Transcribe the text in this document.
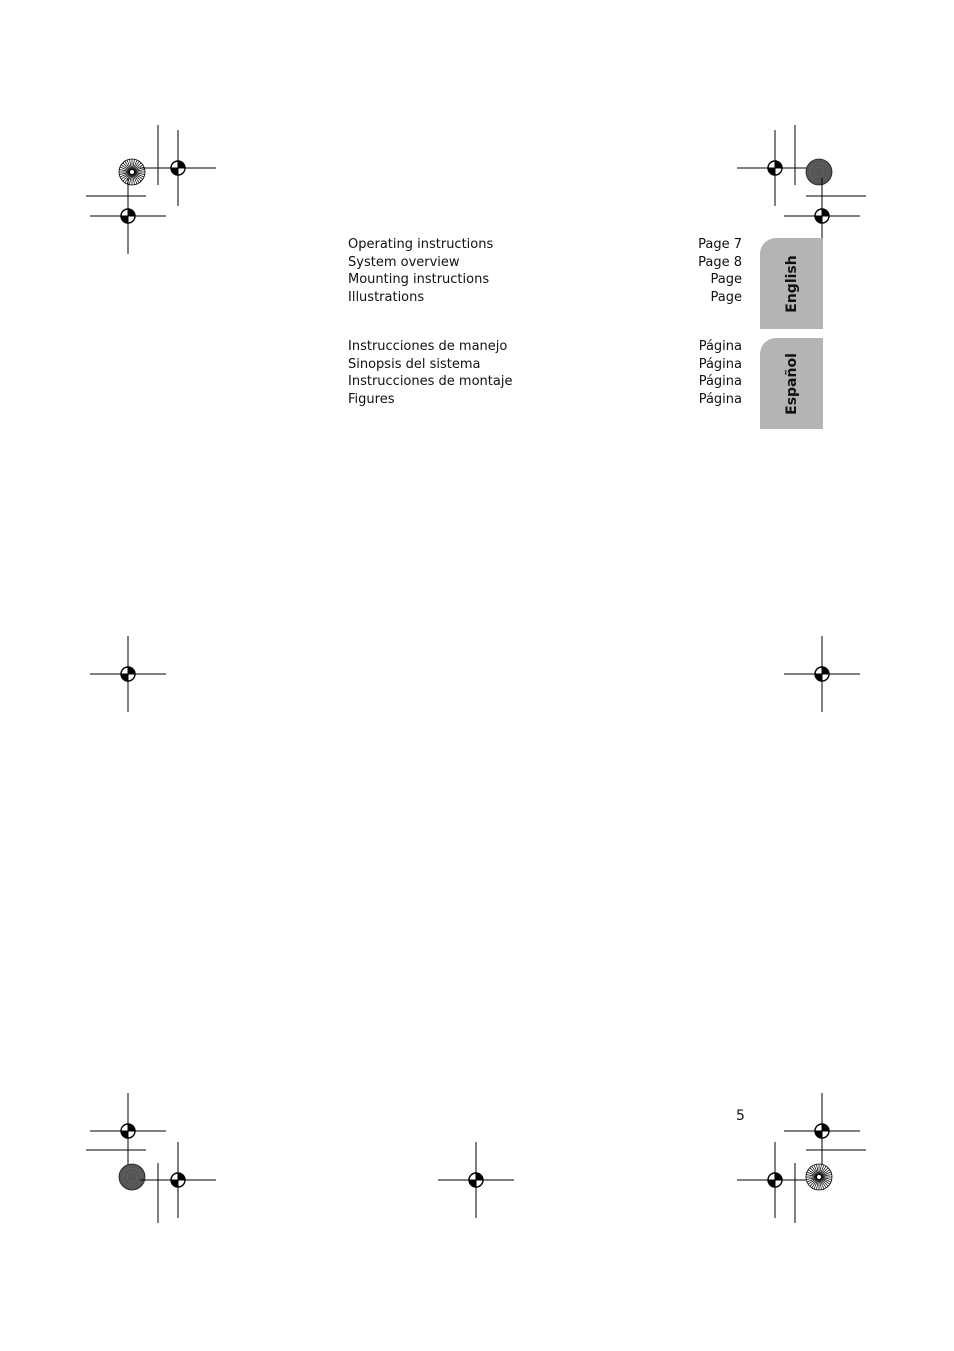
Operating instructions	Page 7
System overview	Page 8
Mounting instructions	Page
Illustrations	Page
Instrucciones de manejo	Página
Sinopsis del sistema	Página
Instrucciones de montaje	Página
Figures	Página
English
Español
5
